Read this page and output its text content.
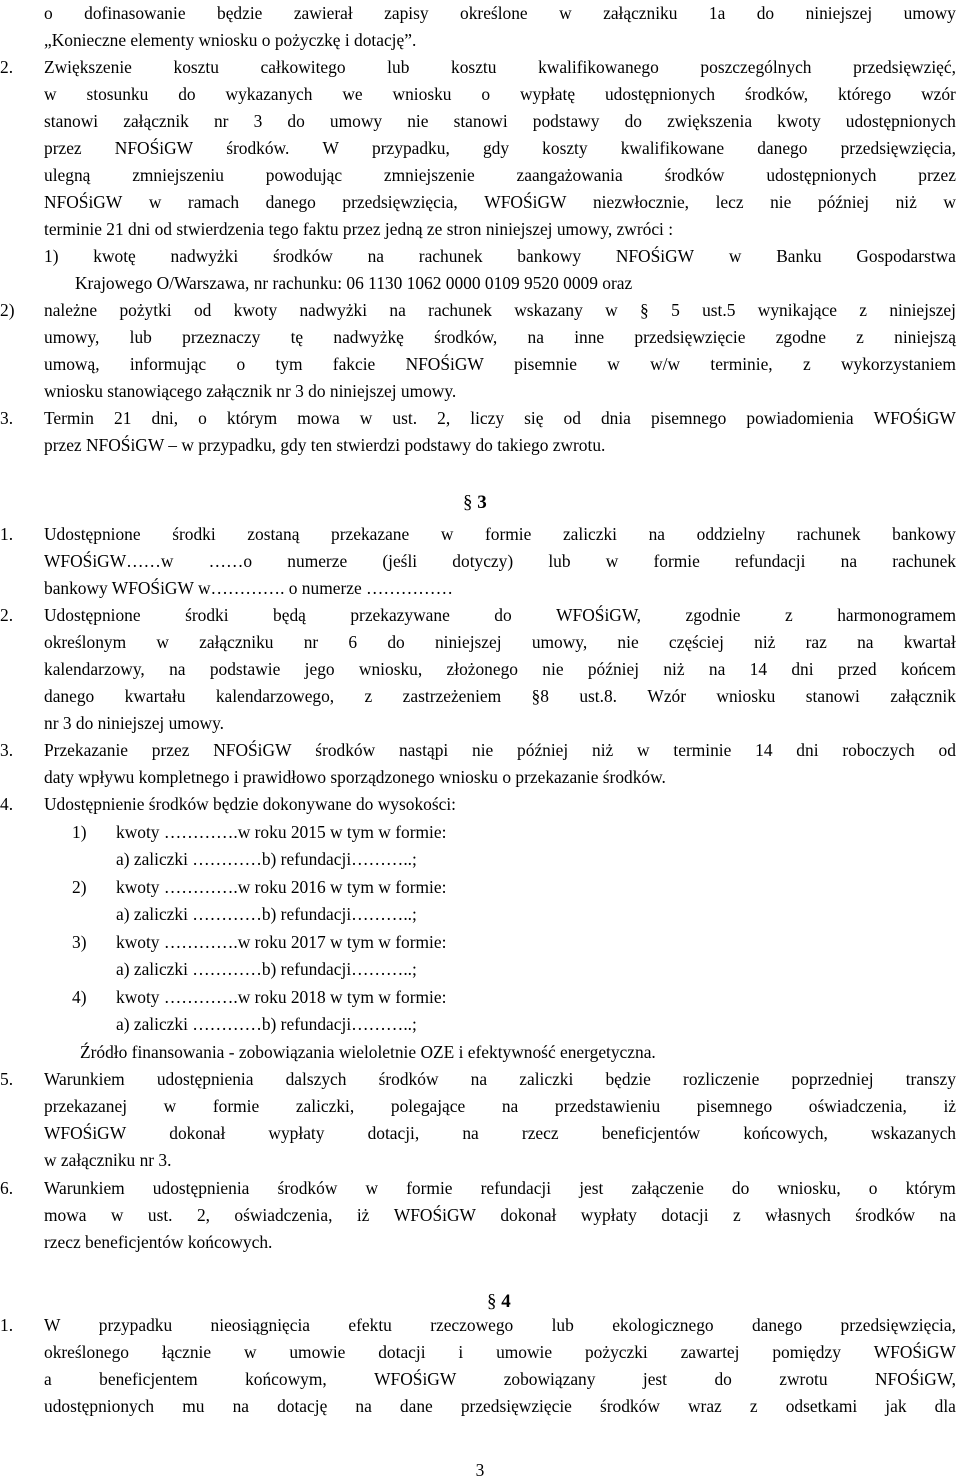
o dofinasowanie będzie zawierał zapisy określone w załączniku 1a do niniejszej umowy
„Konieczne elementy wniosku o pożyczkę i dotację”.
2. Zwiększenie kosztu całkowitego lub kosztu kwalifikowanego poszczególnych przedsięwzięć,
w stosunku do wykazanych we wniosku o wypłatę udostępnionych środków, którego wzór
stanowi załącznik nr 3 do umowy nie stanowi podstawy do zwiększenia kwoty udostępnionych
przez NFOŚiGW środków. W przypadku, gdy koszty kwalifikowane danego przedsięwzięcia,
ulegną zmniejszeniu powodując zmniejszenie zaangażowania środków udostępnionych przez
NFOŚiGW w ramach danego przedsięwzięcia, WFOŚiGW niezwłocznie, lecz nie później niż w
terminie 21 dni od stwierdzenia tego faktu przez jedną ze stron niniejszej umowy, zwróci :
1) kwotę nadwyżki środków na rachunek bankowy NFOŚiGW w Banku Gospodarstwa
Krajowego O/Warszawa, nr rachunku: 06 1130 1062 0000 0109 9520 0009 oraz
2) należne pożytki od kwoty nadwyżki na rachunek wskazany w § 5 ust.5 wynikające z niniejszej
umowy, lub przeznaczy tę nadwyżkę środków, na inne przedsięwzięcie zgodne z niniejszą
umową, informując o tym fakcie NFOŚiGW pisemnie w w/w terminie, z wykorzystaniem
wniosku stanowiącego załącznik nr 3 do niniejszej umowy.
3. Termin 21 dni, o którym mowa w ust. 2, liczy się od dnia pisemnego powiadomienia WFOŚiGW
przez NFOŚiGW – w przypadku, gdy ten stwierdzi podstawy do takiego zwrotu.
1. Udostępnione środki zostaną przekazane w formie zaliczki na oddzielny rachunek bankowy
WFOŚiGW……w ……o numerze (jeśli dotyczy) lub w formie refundacji na rachunek
bankowy WFOŚiGW w…………. o numerze ……………
2. Udostępnione	środki	będą	przekazywane	do	WFOŚiGW,	zgodnie	z	harmonogramem
określonym w załączniku nr 6 do niniejszej umowy, nie częściej niż raz na kwartał
kalendarzowy, na podstawie jego wniosku, złożonego nie później niż na 14 dni przed końcem
danego kwartału kalendarzowego, z zastrzeżeniem §8 ust.8. Wzór wniosku stanowi załącznik
nr 3 do niniejszej umowy.
3. Przekazanie przez NFOŚiGW środków nastąpi nie później niż w terminie 14 dni roboczych od
daty wpływu kompletnego i prawidłowo sporządzonego wniosku o przekazanie środków.
4. Udostępnienie środków będzie dokonywane do wysokości:
1) kwoty ………….w roku 2015 w tym w formie:
a) zaliczki …………b) refundacji………..;
2) kwoty ………….w roku 2016 w tym w formie:
a) zaliczki …………b) refundacji………..;
3) kwoty ………….w roku 2017 w tym w formie:
a) zaliczki …………b) refundacji………..;
4) kwoty ………….w roku 2018 w tym w formie:
a) zaliczki …………b) refundacji………..;
Źródło finansowania - zobowiązania wieloletnie OZE i efektywność energetyczna.
5. Warunkiem udostępnienia dalszych środków na zaliczki będzie rozliczenie poprzedniej transzy
przekazanej w formie zaliczki, polegające na przedstawieniu pisemnego oświadczenia, iż
WFOŚiGW dokonał wypłaty dotacji, na rzecz beneficjentów końcowych, wskazanych
w załączniku nr 3.
6. Warunkiem udostępnienia środków w formie refundacji jest załączenie do wniosku, o którym
mowa w ust. 2, oświadczenia, iż WFOŚiGW dokonał wypłaty dotacji z własnych środków na
rzecz beneficjentów końcowych.
1. W przypadku nieosiągnięcia efektu rzeczowego lub ekologicznego danego przedsięwzięcia,
określonego łącznie w umowie dotacji i umowie pożyczki zawartej pomiędzy WFOŚiGW
a	beneficjentem	końcowym,	WFOŚiGW	zobowiązany	jest	do	zwrotu	NFOŚiGW,
udostępnionych mu na dotację na dane przedsięwzięcie środków wraz z odsetkami jak dla
§ 3
§ 4
3
